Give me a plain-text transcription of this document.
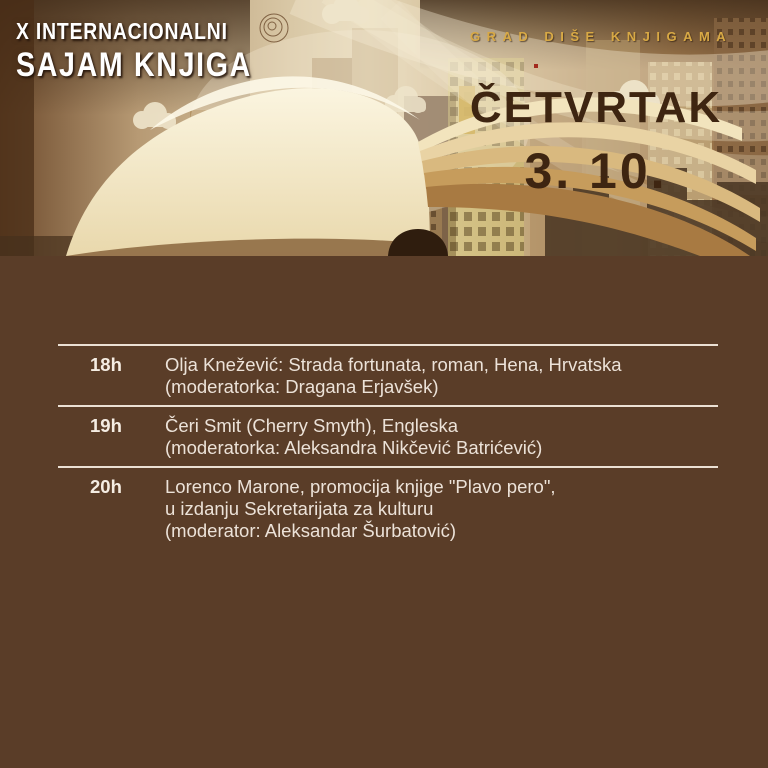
X INTERNACIONALNI
SAJAM KNJIGA
GRAD DIŠE KNJIGAMA
ČETVRTAK
3. 10.
18h	Olja Knežević: Strada fortunata, roman, Hena, Hrvatska

(moderatorka: Dragana Erjavšek)

19h	Čeri Smit (Cherry Smyth), Engleska

(moderatorka: Aleksandra Nikčević Batrićević)

20h	Lorenco Marone, promocija knjige "Plavo pero",

u izdanju Sekretarijata za kulturu

(moderator: Aleksandar Šurbatović)
